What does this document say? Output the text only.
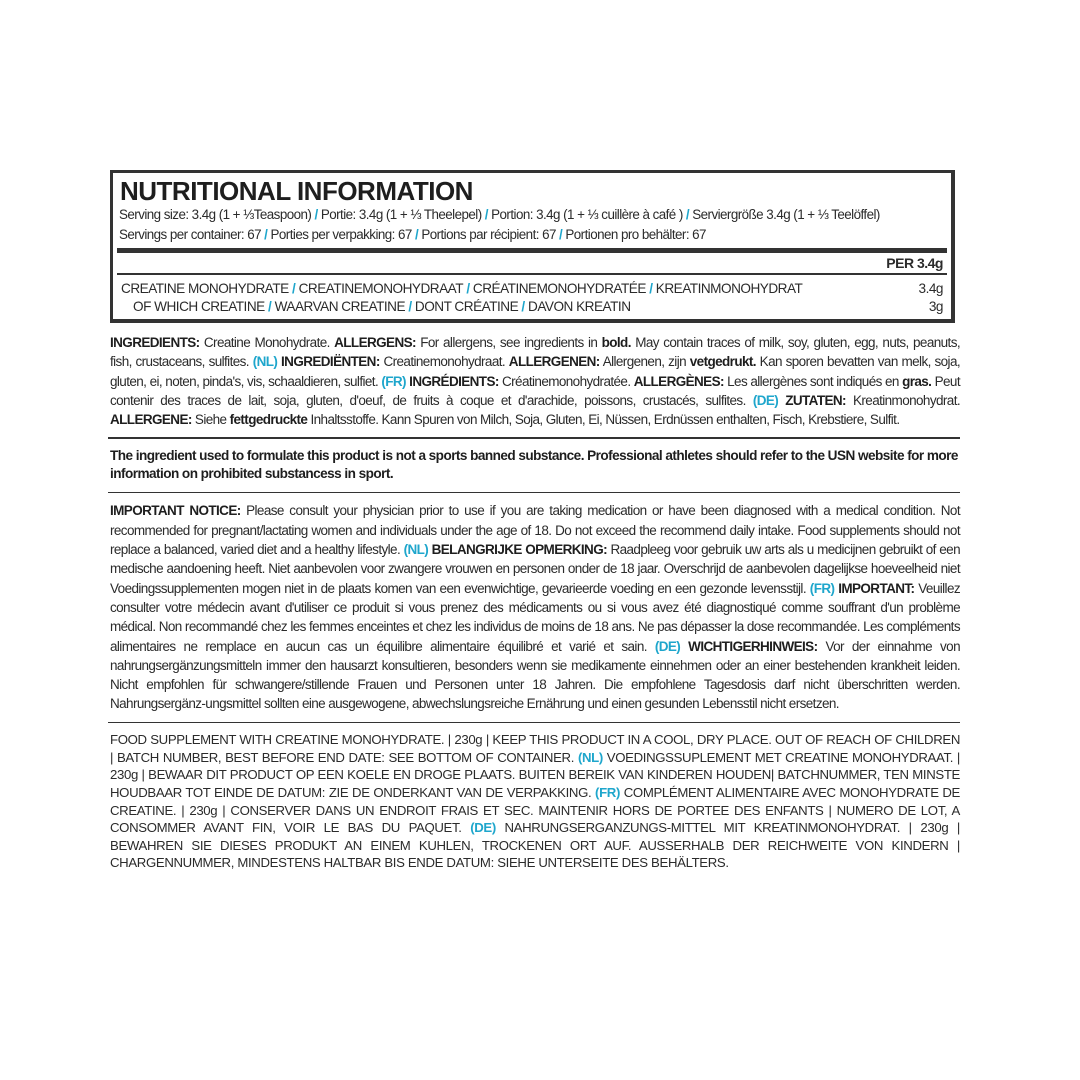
NUTRITIONAL INFORMATION
Serving size: 3.4g (1 + ⅓Teaspoon) / Portie: 3.4g (1 + ⅓ Theelepel) / Portion: 3.4g (1 + ⅓ cuillère à café ) / Serviergröße 3.4g (1 + ⅓ Teelöffel)
Servings per container: 67 / Porties per verpakking: 67 / Portions par récipient: 67 / Portionen pro behälter: 67
PER 3.4g
CREATINE MONOHYDRATE / CREATINEMONOHYDRAAT / CRÉATINEMONOHYDRATÉE / KREATINMONOHYDRAT	3.4g
OF WHICH CREATINE / WAARVAN CREATINE / DONT CRÉATINE / DAVON KREATIN	3g
INGREDIENTS: Creatine Monohydrate. ALLERGENS: For allergens, see ingredients in bold. May contain traces of milk, soy, gluten, egg, nuts, peanuts, fish, crustaceans, sulfites. (NL) INGREDIËNTEN: Creatinemonohydraat. ALLERGENEN: Allergenen, zijn vetgedrukt. Kan sporen bevatten van melk, soja, gluten, ei, noten, pinda's, vis, schaaldieren, sulfiet. (FR) INGRÉDIENTS: Créatinemonohydratée. ALLERGÈNES: Les allergènes sont indiqués en gras. Peut contenir des traces de lait, soja, gluten, d'oeuf, de fruits à coque et d'arachide, poissons, crustacés, sulfites. (DE) ZUTATEN: Kreatinmonohydrat. ALLERGENE: Siehe fettgedruckte Inhaltsstoffe. Kann Spuren von Milch, Soja, Gluten, Ei, Nüssen, Erdnüssen enthalten, Fisch, Krebstiere, Sulfit.
The ingredient used to formulate this product is not a sports banned substance. Professional athletes should refer to the USN website for more information on prohibited substancess in sport.
IMPORTANT NOTICE: Please consult your physician prior to use if you are taking medication or have been diagnosed with a medical condition. Not recommended for pregnant/lactating women and individuals under the age of 18. Do not exceed the recommend daily intake. Food supplements should not replace a balanced, varied diet and a healthy lifestyle. (NL) BELANGRIJKE OPMERKING: Raadpleeg voor gebruik uw arts als u medicijnen gebruikt of een medische aandoening heeft. Niet aanbevolen voor zwangere vrouwen en personen onder de 18 jaar. Overschrijd de aanbevolen dagelijkse hoeveelheid niet Voedingssupplementen mogen niet in de plaats komen van een evenwichtige, gevarieerde voeding en een gezonde levensstijl. (FR) IMPORTANT: Veuillez consulter votre médecin avant d'utiliser ce produit si vous prenez des médicaments ou si vous avez été diagnostiqué comme souffrant d'un problème médical. Non recommandé chez les femmes enceintes et chez les individus de moins de 18 ans. Ne pas dépasser la dose recommandée. Les compléments alimentaires ne remplace en aucun cas un équilibre alimentaire équilibré et varié et sain. (DE) WICHTIGERHINWEIS: Vor der einnahme von nahrungsergänzungsmitteln immer den hausarzt konsultieren, besonders wenn sie medikamente einnehmen oder an einer bestehenden krankheit leiden. Nicht empfohlen für schwangere/stillende Frauen und Personen unter 18 Jahren. Die empfohlene Tagesdosis darf nicht überschritten werden. Nahrungsergänz-ungsmittel sollten eine ausgewogene, abwechslungsreiche Ernährung und einen gesunden Lebensstil nicht ersetzen.
FOOD SUPPLEMENT WITH CREATINE MONOHYDRATE. | 230g | KEEP THIS PRODUCT IN A COOL, DRY PLACE. OUT OF REACH OF CHILDREN | BATCH NUMBER, BEST BEFORE END DATE: SEE BOTTOM OF CONTAINER. (NL) VOEDINGSSUPLEMENT MET CREATINE MONOHYDRAAT. | 230g | BEWAAR DIT PRODUCT OP EEN KOELE EN DROGE PLAATS. BUITEN BEREIK VAN KINDEREN HOUDEN| BATCHNUMMER, TEN MINSTE HOUDBAAR TOT EINDE DE DATUM: ZIE DE ONDERKANT VAN DE VERPAKKING. (FR) COMPLÉMENT ALIMENTAIRE AVEC MONOHYDRATE DE CREATINE. | 230g | CONSERVER DANS UN ENDROIT FRAIS ET SEC. MAINTENIR HORS DE PORTEE DES ENFANTS | NUMERO DE LOT, A CONSOMMER AVANT FIN, VOIR LE BAS DU PAQUET. (DE) NAHRUNGSERGANZUNGS-MITTEL MIT KREATINMONOHYDRAT. | 230g | BEWAHREN SIE DIESES PRODUKT AN EINEM KUHLEN, TROCKENEN ORT AUF. AUSSERHALB DER REICHWEITE VON KINDERN | CHARGENNUMMER, MINDESTENS HALTBAR BIS ENDE DATUM: SIEHE UNTERSEITE DES BEHÄLTERS.
